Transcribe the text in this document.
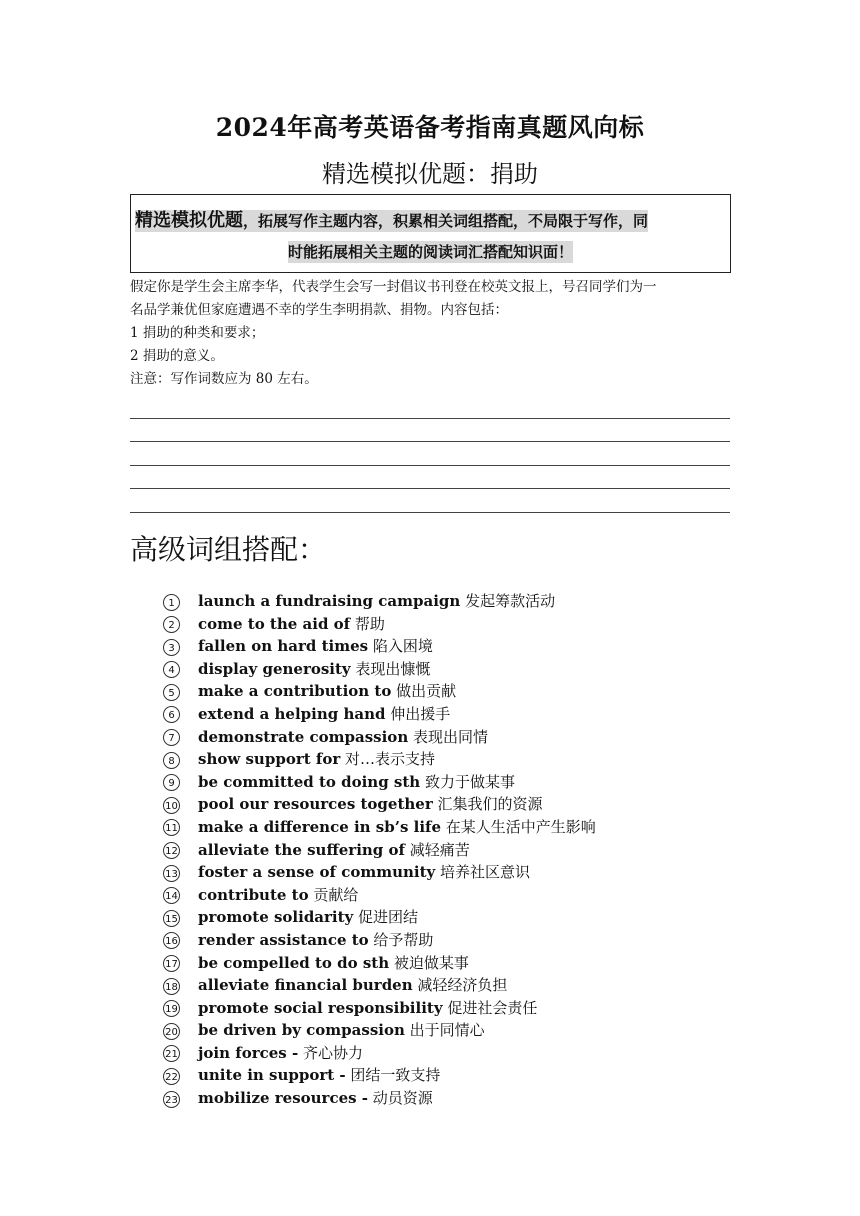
2024年高考英语备考指南真题风向标
精选模拟优题：捐助
精选模拟优题，拓展写作主题内容，积累相关词组搭配，不局限于写作，同
时能拓展相关主题的阅读词汇搭配知识面！

假定你是学生会主席李华，代表学生会写一封倡议书刊登在校英文报上，号召同学们为一

名品学兼优但家庭遭遇不幸的学生李明捐款、捐物。内容包括：

1 捐助的种类和要求；

2 捐助的意义。

注意：写作词数应为 80 左右。

高级词组搭配：
1 launch a fundraising campaign 发起筹款活动
2 come to the aid of 帮助
3 fallen on hard times 陷入困境
4 display generosity 表现出慷慨
5 make a contribution to 做出贡献
6 extend a helping hand 伸出援手
7 demonstrate compassion 表现出同情
8 show support for 对…表示支持
9 be committed to doing sth 致力于做某事
10 pool our resources together 汇集我们的资源
11 make a difference in sb’s life 在某人生活中产生影响
12 alleviate the suffering of 减轻痛苦
13 foster a sense of community 培养社区意识
14 contribute to 贡献给
15 promote solidarity 促进团结
16 render assistance to 给予帮助
17 be compelled to do sth 被迫做某事
18 alleviate financial burden 减轻经济负担
19 promote social responsibility 促进社会责任
20 be driven by compassion 出于同情心
21 join forces - 齐心协力
22 unite in support - 团结一致支持
23 mobilize resources - 动员资源
